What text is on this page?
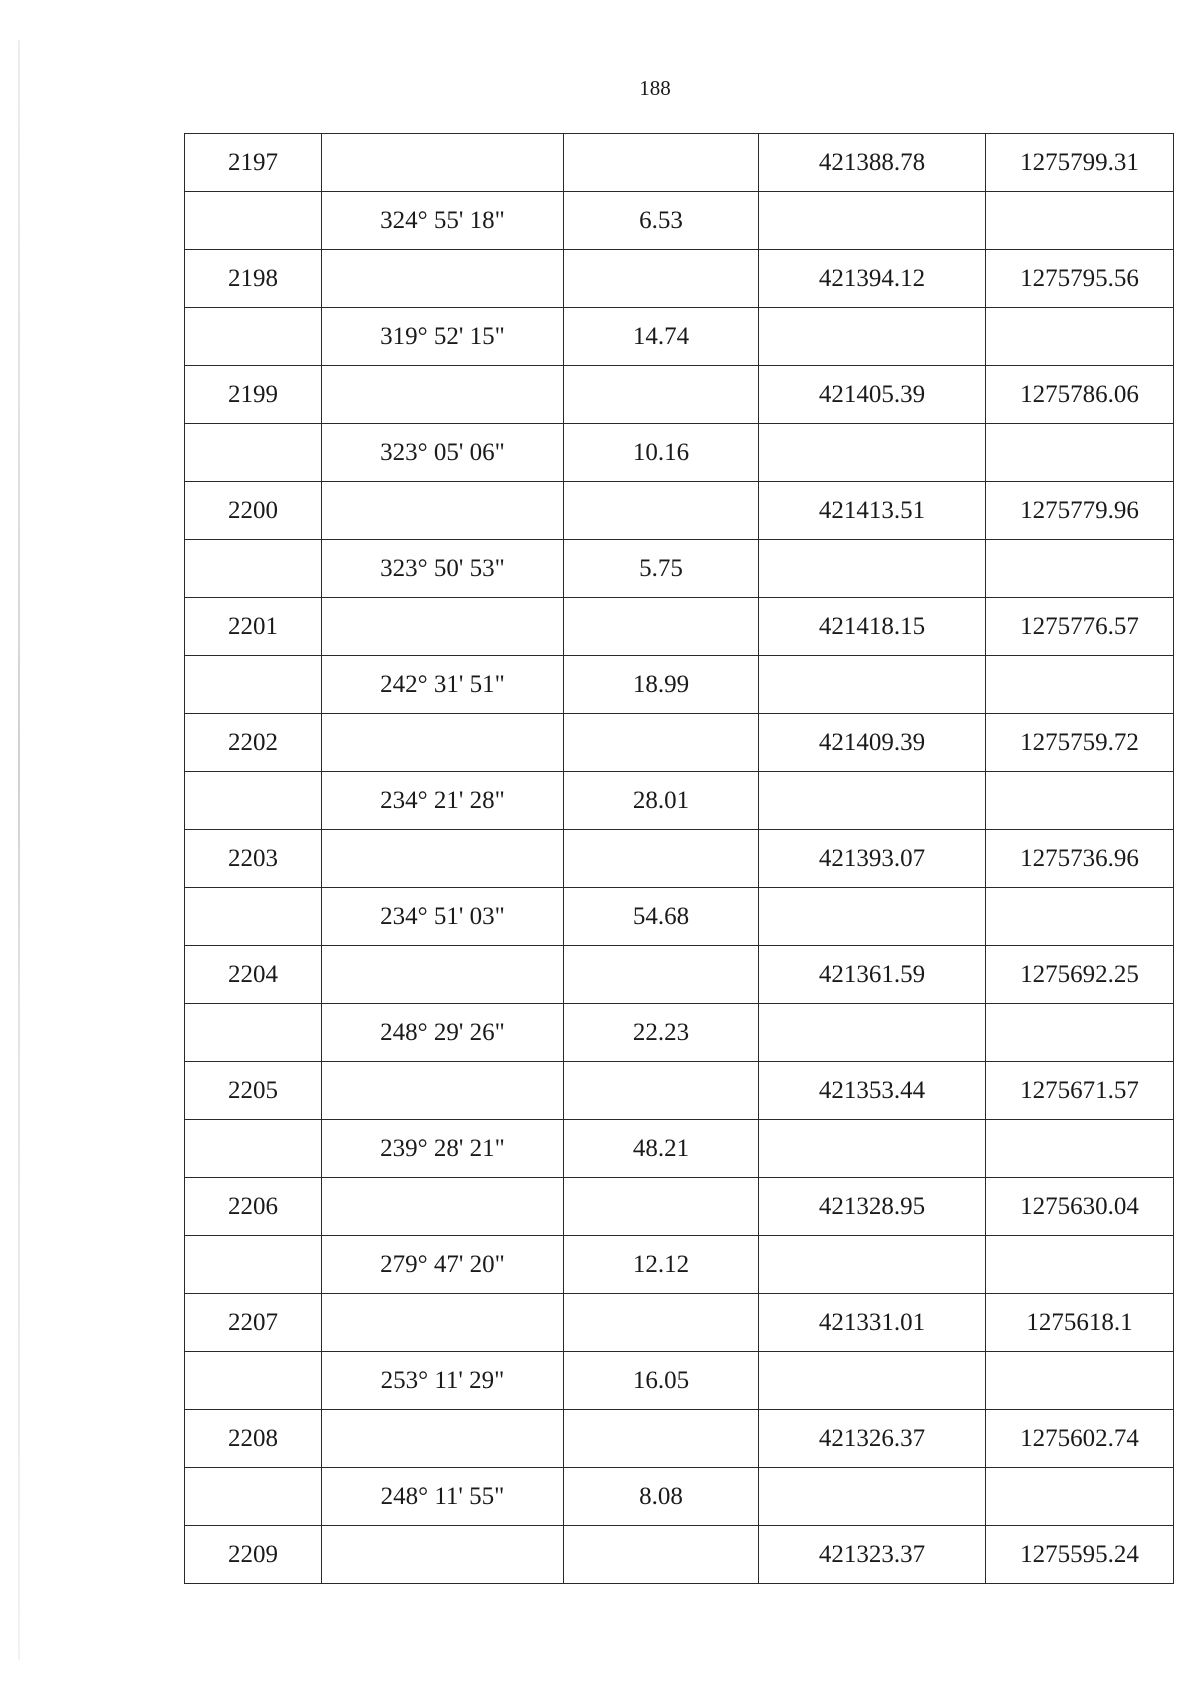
188
2197			421388.78	1275799.31
	324° 55' 18"	6.53		
2198			421394.12	1275795.56
	319° 52' 15"	14.74		
2199			421405.39	1275786.06
	323° 05' 06"	10.16		
2200			421413.51	1275779.96
	323° 50' 53"	5.75		
2201			421418.15	1275776.57
	242° 31' 51"	18.99		
2202			421409.39	1275759.72
	234° 21' 28"	28.01		
2203			421393.07	1275736.96
	234° 51' 03"	54.68		
2204			421361.59	1275692.25
	248° 29' 26"	22.23		
2205			421353.44	1275671.57
	239° 28' 21"	48.21		
2206			421328.95	1275630.04
	279° 47' 20"	12.12		
2207			421331.01	1275618.1
	253° 11' 29"	16.05		
2208			421326.37	1275602.74
	248° 11' 55"	8.08		
2209			421323.37	1275595.24
